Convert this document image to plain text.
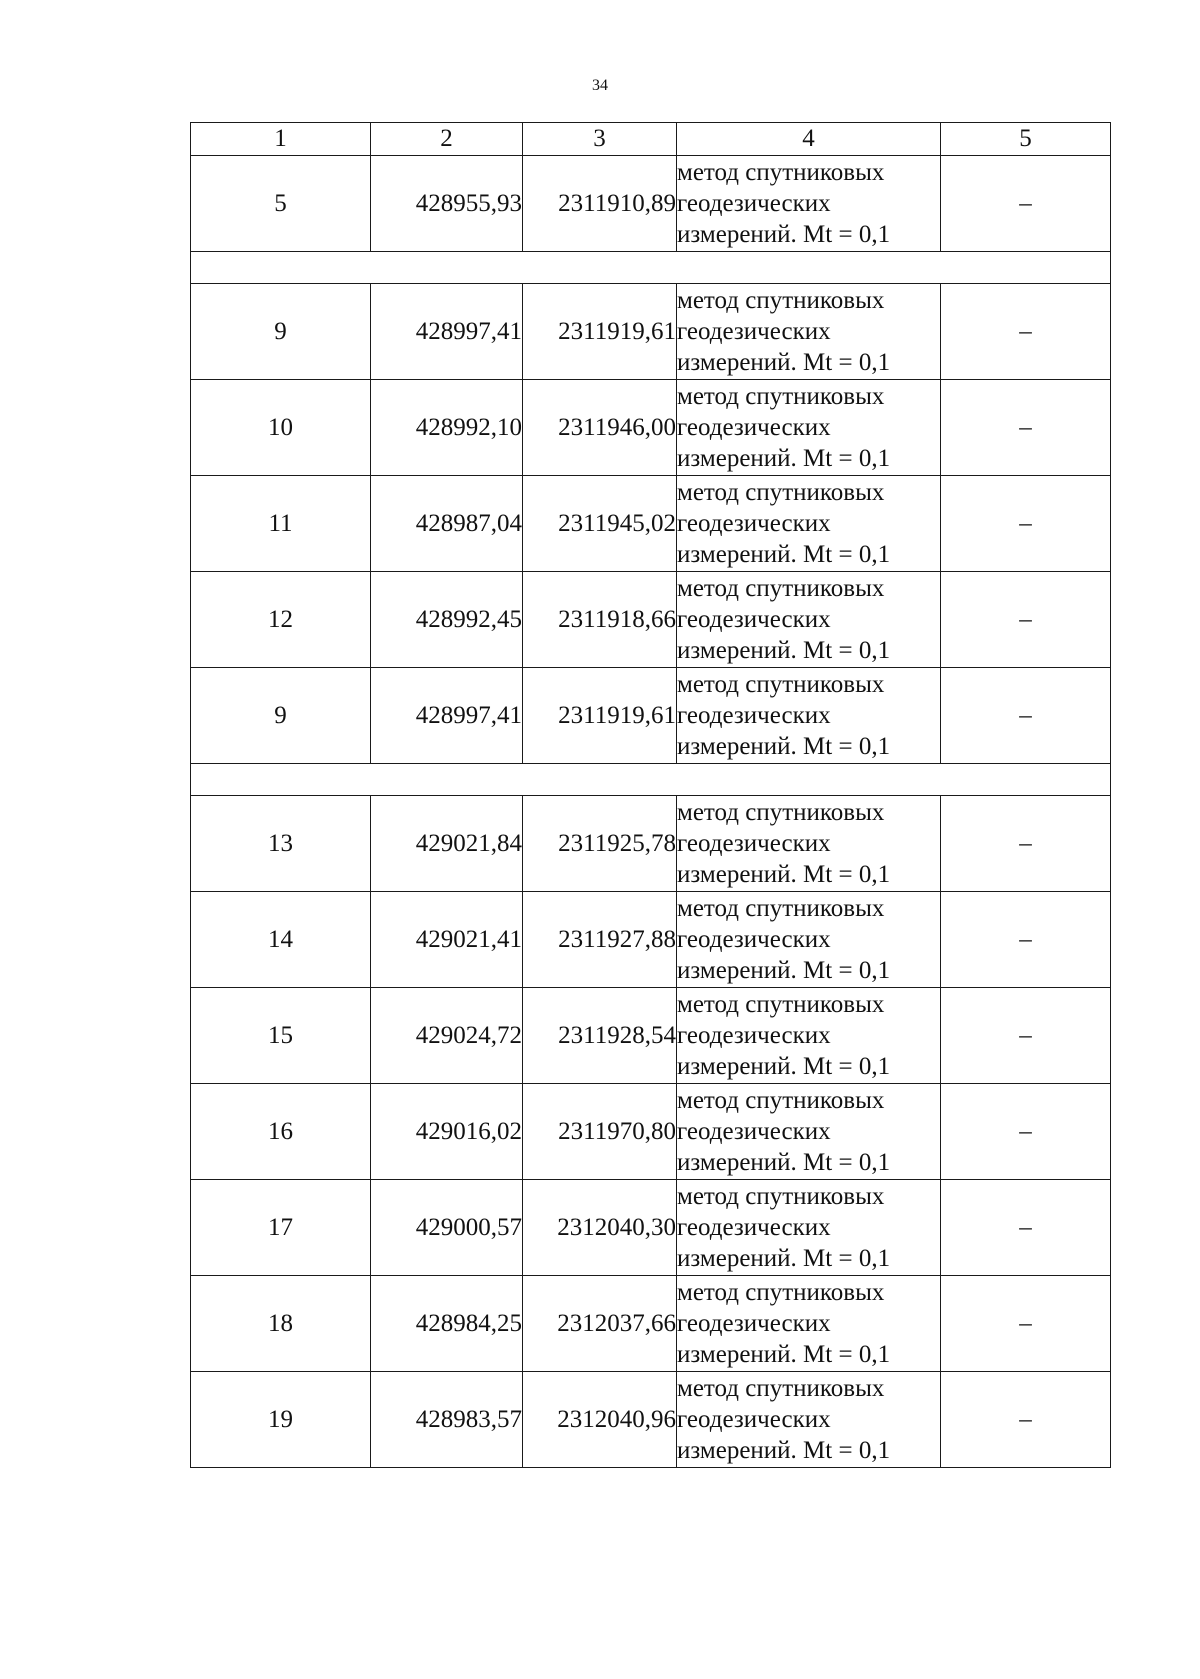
34
1	2	3	4	5
5	428955,93	2311910,89	метод спутниковых
геодезических
измерений. Mt = 0,1	–

9	428997,41	2311919,61	метод спутниковых
геодезических
измерений. Mt = 0,1	–
10	428992,10	2311946,00	метод спутниковых
геодезических
измерений. Mt = 0,1	–
11	428987,04	2311945,02	метод спутниковых
геодезических
измерений. Mt = 0,1	–
12	428992,45	2311918,66	метод спутниковых
геодезических
измерений. Mt = 0,1	–
9	428997,41	2311919,61	метод спутниковых
геодезических
измерений. Mt = 0,1	–

13	429021,84	2311925,78	метод спутниковых
геодезических
измерений. Mt = 0,1	–
14	429021,41	2311927,88	метод спутниковых
геодезических
измерений. Mt = 0,1	–
15	429024,72	2311928,54	метод спутниковых
геодезических
измерений. Mt = 0,1	–
16	429016,02	2311970,80	метод спутниковых
геодезических
измерений. Mt = 0,1	–
17	429000,57	2312040,30	метод спутниковых
геодезических
измерений. Mt = 0,1	–
18	428984,25	2312037,66	метод спутниковых
геодезических
измерений. Mt = 0,1	–
19	428983,57	2312040,96	метод спутниковых
геодезических
измерений. Mt = 0,1	–
